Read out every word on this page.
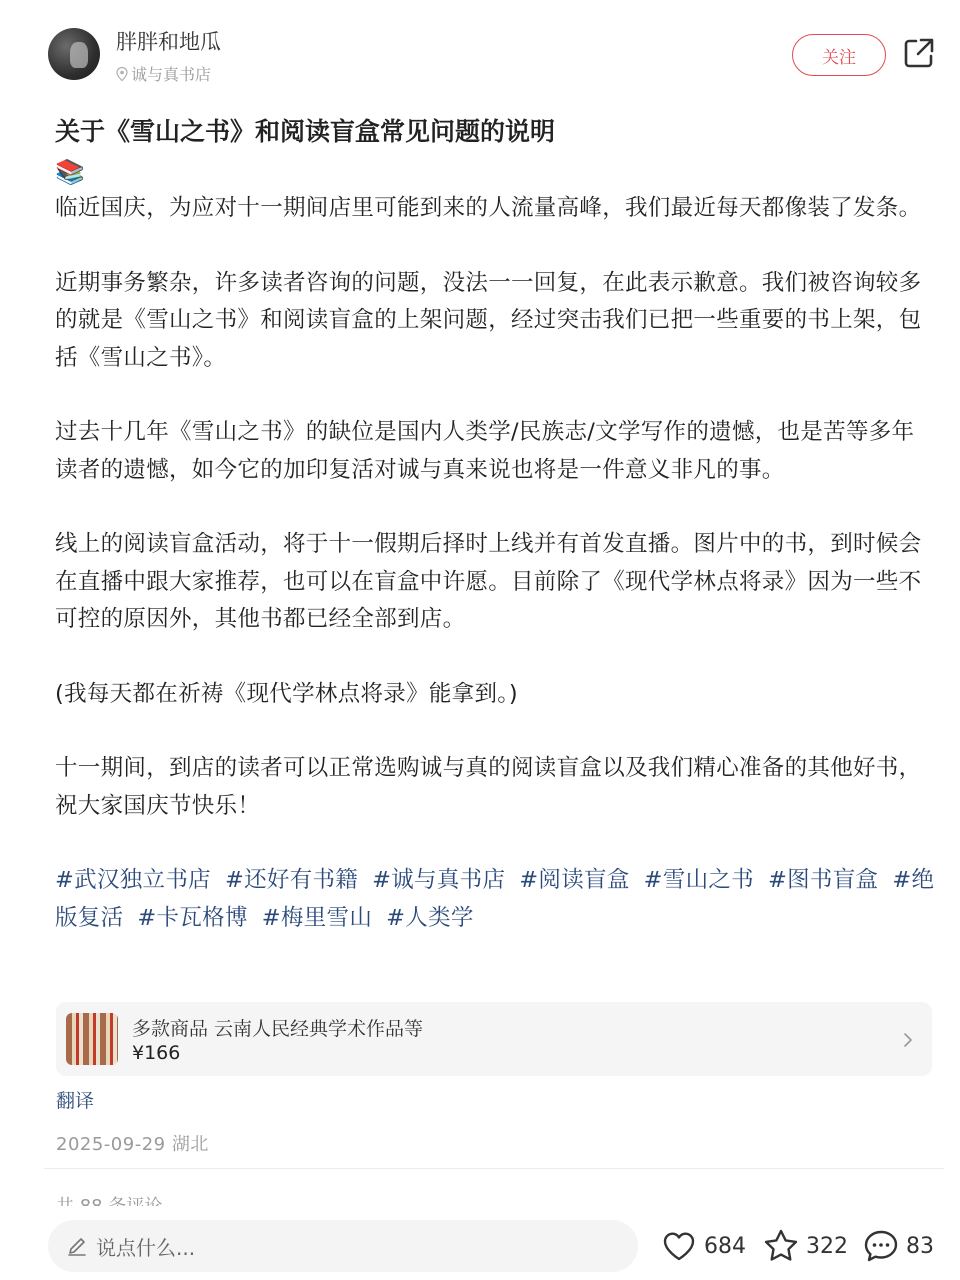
胖胖和地瓜
诚与真书店
关注
关于《雪山之书》和阅读盲盒常见问题的说明
📚

临近国庆，为应对十一期间店里可能到来的人流量高峰，我们最近每天都像装了发条。

近期事务繁杂，许多读者咨询的问题，没法一一回复，在此表示歉意。我们被咨询较多的就是《雪山之书》和阅读盲盒的上架问题，经过突击我们已把一些重要的书上架，包括《雪山之书》。

过去十几年《雪山之书》的缺位是国内人类学/民族志/文学写作的遗憾，也是苦等多年读者的遗憾，如今它的加印复活对诚与真来说也将是一件意义非凡的事。

线上的阅读盲盒活动，将于十一假期后择时上线并有首发直播。图片中的书，到时候会在直播中跟大家推荐，也可以在盲盒中许愿。目前除了《现代学林点将录》因为一些不可控的原因外，其他书都已经全部到店。

(我每天都在祈祷《现代学林点将录》能拿到。)

十一期间，到店的读者可以正常选购诚与真的阅读盲盒以及我们精心准备的其他好书，祝大家国庆节快乐！

#武汉独立书店 #还好有书籍 #诚与真书店 #阅读盲盒 #雪山之书 #图书盲盒 #绝版复活 #卡瓦格博 #梅里雪山 #人类学

多款商品 云南人民经典学术作品等
¥166
翻译
2025-09-29 湖北
说点什么...	684	322	83
